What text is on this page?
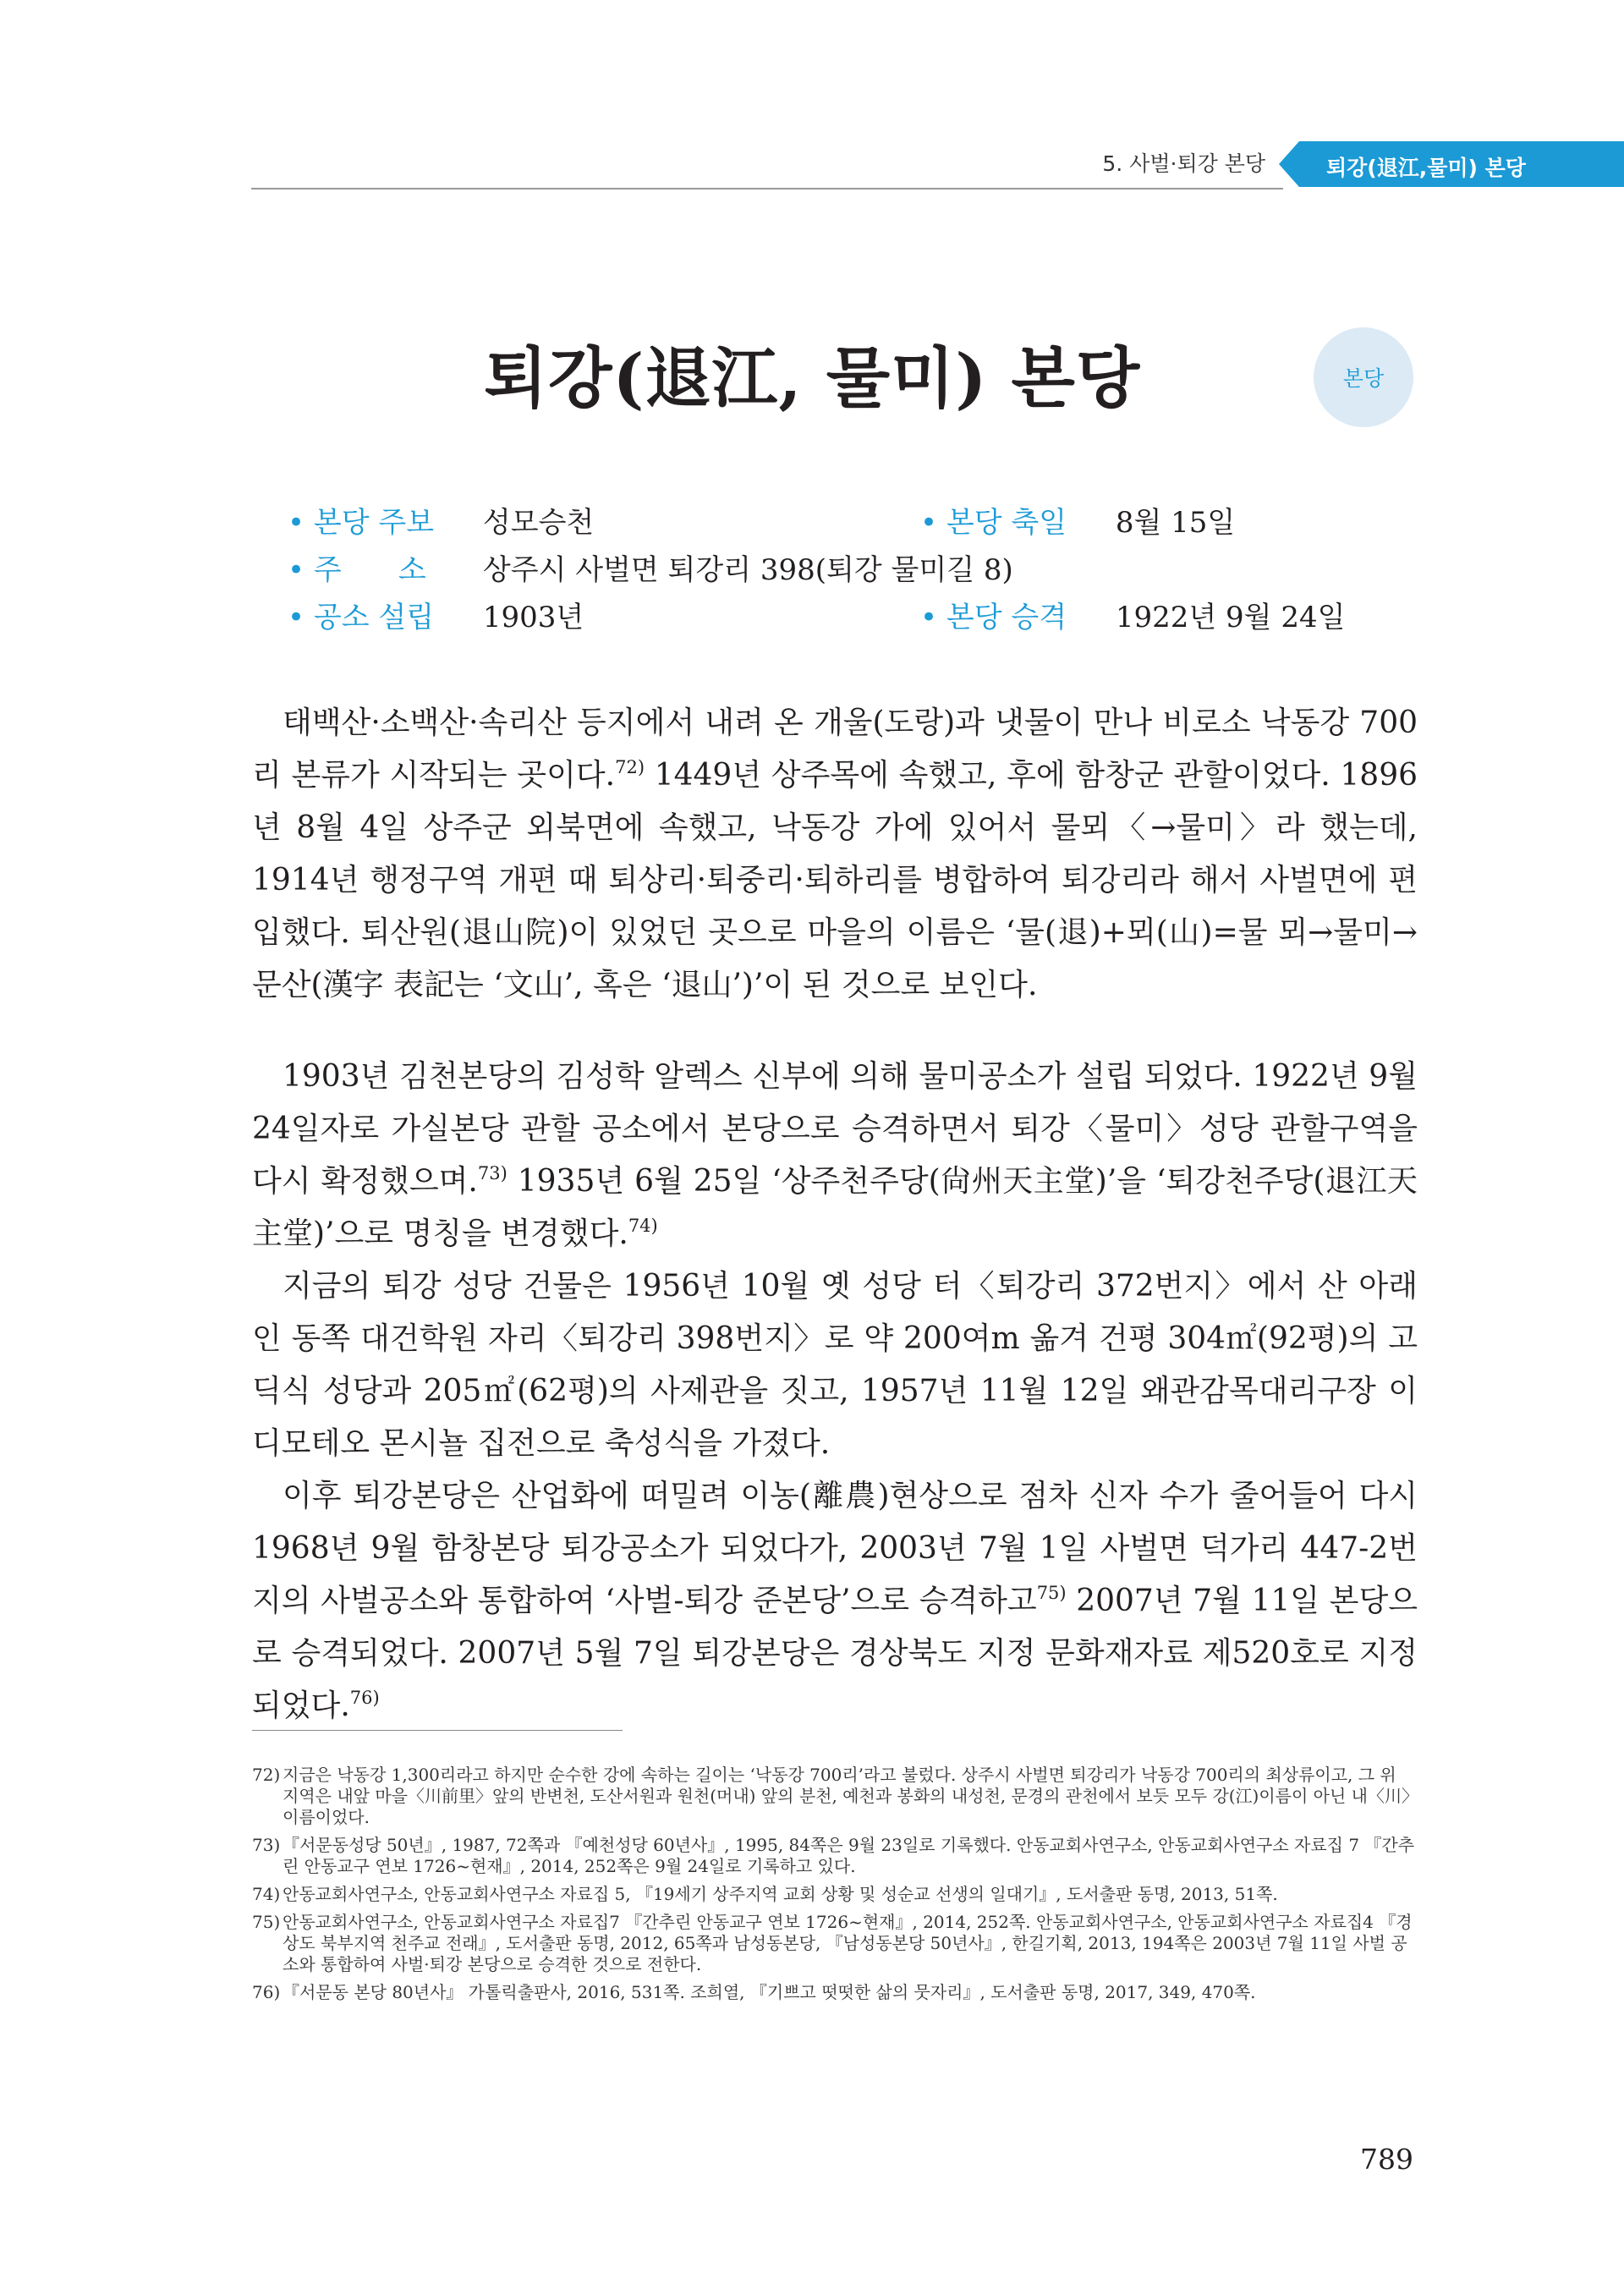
5. 사벌·퇴강 본당	퇴강(退江,물미) 본당
퇴강(退江, 물미) 본당	본당
• 본당 주보 성모승천	• 본당 축일 8월 15일
• 주 소 상주시 사벌면 퇴강리 398(퇴강 물미길 8)
• 공소 설립 1903년	• 본당 승격 1922년 9월 24일

태백산·소백산·속리산 등지에서 내려 온 개울(도랑)과 냇물이 만나 비로소 낙동강 700리 본류가 시작되는 곳이다.$^{72)}$ 1449년 상주목에 속했고, 후에 함창군 관할이었다. 1896년 8월 4일 상주군 외북면에 속했고, 낙동강 가에 있어서 물뫼〈→물미〉라 했는데, 1914년 행정구역 개편 때 퇴상리·퇴중리·퇴하리를 병합하여 퇴강리라 해서 사벌면에 편입했다. 퇴산원(退山院)이 있었던 곳으로 마을의 이름은 ‘물(退)+뫼(山)=물 뫼→물미→문산(漢字 表記는 ‘文山’, 혹은 ‘退山’)’이 된 것으로 보인다.

1903년 김천본당의 김성학 알렉스 신부에 의해 물미공소가 설립 되었다. 1922년 9월 24일자로 가실본당 관할 공소에서 본당으로 승격하면서 퇴강〈물미〉성당 관할구역을 다시 확정했으며.$^{73)}$ 1935년 6월 25일 ‘상주천주당(尙州天主堂)’을 ‘퇴강천주당(退江天主堂)’으로 명칭을 변경했다.$^{74)}$

지금의 퇴강 성당 건물은 1956년 10월 옛 성당 터〈퇴강리 372번지〉에서 산 아래인 동쪽 대건학원 자리〈퇴강리 398번지〉로 약 200여m 옮겨 건평 304㎡(92평)의 고딕식 성당과 205㎡(62평)의 사제관을 짓고, 1957년 11월 12일 왜관감목대리구장 이 디모테오 몬시뇰 집전으로 축성식을 가졌다.

이후 퇴강본당은 산업화에 떠밀려 이농(離農)현상으로 점차 신자 수가 줄어들어 다시 1968년 9월 함창본당 퇴강공소가 되었다가, 2003년 7월 1일 사벌면 덕가리 447-2번지의 사벌공소와 통합하여 ‘사벌-퇴강 준본당’으로 승격하고$^{75)}$ 2007년 7월 11일 본당으로 승격되었다. 2007년 5월 7일 퇴강본당은 경상북도 지정 문화재자료 제520호로 지정되었다.$^{76)}$

72) 지금은 낙동강 1,300리라고 하지만 순수한 강에 속하는 길이는 ‘낙동강 700리’라고 불렀다. 상주시 사벌면 퇴강리가 낙동강 700리의 최상류이고, 그 위 지역은 내앞 마을〈川前里〉앞의 반변천, 도산서원과 원천(머내) 앞의 분천, 예천과 봉화의 내성천, 문경의 관천에서 보듯 모두 강(江)이름이 아닌 내〈川〉이름이었다.
73) 『서문동성당 50년』, 1987, 72쪽과 『예천성당 60년사』, 1995, 84쪽은 9월 23일로 기록했다. 안동교회사연구소, 안동교회사연구소 자료집 7 『간추린 안동교구 연보 1726~현재』, 2014, 252쪽은 9월 24일로 기록하고 있다.
74) 안동교회사연구소, 안동교회사연구소 자료집 5, 『19세기 상주지역 교회 상황 및 성순교 선생의 일대기』, 도서출판 동명, 2013, 51쪽.
75) 안동교회사연구소, 안동교회사연구소 자료집7 『간추린 안동교구 연보 1726~현재』, 2014, 252쪽. 안동교회사연구소, 안동교회사연구소 자료집4 『경상도 북부지역 천주교 전래』, 도서출판 동명, 2012, 65쪽과 남성동본당, 『남성동본당 50년사』, 한길기획, 2013, 194쪽은 2003년 7월 11일 사벌 공소와 통합하여 사벌·퇴강 본당으로 승격한 것으로 전한다.
76) 『서문동 본당 80년사』 가톨릭출판사, 2016, 531쪽. 조희열, 『기쁘고 떳떳한 삶의 뭇자리』, 도서출판 동명, 2017, 349, 470쪽.
789
